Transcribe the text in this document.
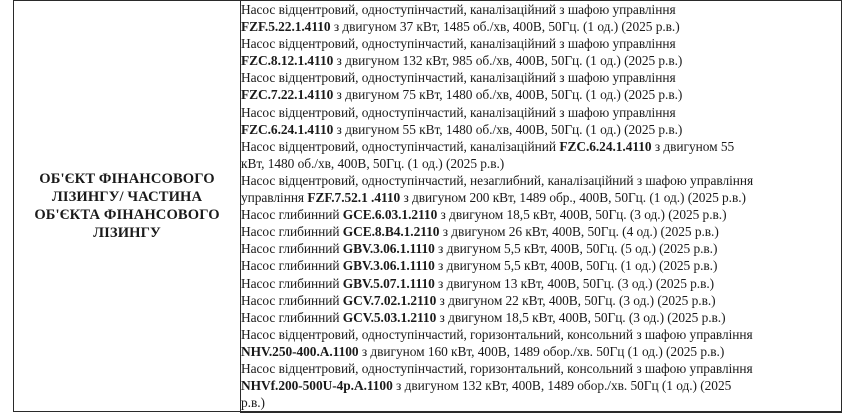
ОБ'ЄКТ ФІНАНСОВОГО
ЛІЗИНГУ/ ЧАСТИНА
ОБ'ЄКТА ФІНАНСОВОГО
ЛІЗИНГУ

Насос відцентровий, одноступінчастий, каналізаційний з шафою управління
FZF.5.22.1.4110 з двигуном 37 кВт, 1485 об./хв, 400В, 50Гц. (1 од.) (2025 р.в.)
Насос відцентровий, одноступінчастий, каналізаційний з шафою управління
FZC.8.12.1.4110 з двигуном 132 кВт, 985 об./хв, 400В, 50Гц. (1 од.) (2025 р.в.)
Насос відцентровий, одноступінчастий, каналізаційний з шафою управління
FZC.7.22.1.4110 з двигуном 75 кВт, 1480 об./хв, 400В, 50Гц. (1 од.) (2025 р.в.)
Насос відцентровий, одноступінчастий, каналізаційний з шафою управління
FZC.6.24.1.4110 з двигуном 55 кВт, 1480 об./хв, 400В, 50Гц. (1 од.) (2025 р.в.)
Насос відцентровий, одноступінчастий, каналізаційний FZC.6.24.1.4110 з двигуном 55
кВт, 1480 об./хв, 400В, 50Гц. (1 од.) (2025 р.в.)
Насос відцентровий, одноступінчастий, незаглибний, каналізаційний з шафою управління
управління FZF.7.52.1 .4110 з двигуном 200 кВт, 1489 обр., 400В, 50Гц. (1 од.) (2025 р.в.)
Насос глибинний GCE.6.03.1.2110 з двигуном 18,5 кВт, 400В, 50Гц. (3 од.) (2025 р.в.)
Насос глибинний GCE.8.B4.1.2110 з двигуном 26 кВт, 400В, 50Гц. (4 од.) (2025 р.в.)
Насос глибинний GBV.3.06.1.1110 з двигуном 5,5 кВт, 400В, 50Гц. (5 од.) (2025 р.в.)
Насос глибинний GBV.3.06.1.1110 з двигуном 5,5 кВт, 400В, 50Гц. (1 од.) (2025 р.в.)
Насос глибинний GBV.5.07.1.1110 з двигуном 13 кВт, 400В, 50Гц. (3 од.) (2025 р.в.)
Насос глибинний GCV.7.02.1.2110 з двигуном 22 кВт, 400В, 50Гц. (3 од.) (2025 р.в.)
Насос глибинний GCV.5.03.1.2110 з двигуном 18,5 кВт, 400В, 50Гц. (3 од.) (2025 р.в.)
Насос відцентровий, одноступінчастий, горизонтальний, консольний з шафою управління
NHV.250-400.A.1100 з двигуном 160 кВт, 400В, 1489 обор./хв. 50Гц (1 од.) (2025 р.в.)
Насос відцентровий, одноступінчастий, горизонтальний, консольний з шафою управління
NHVf.200-500U-4p.A.1100 з двигуном 132 кВт, 400В, 1489 обор./хв. 50Гц (1 од.) (2025
р.в.)
